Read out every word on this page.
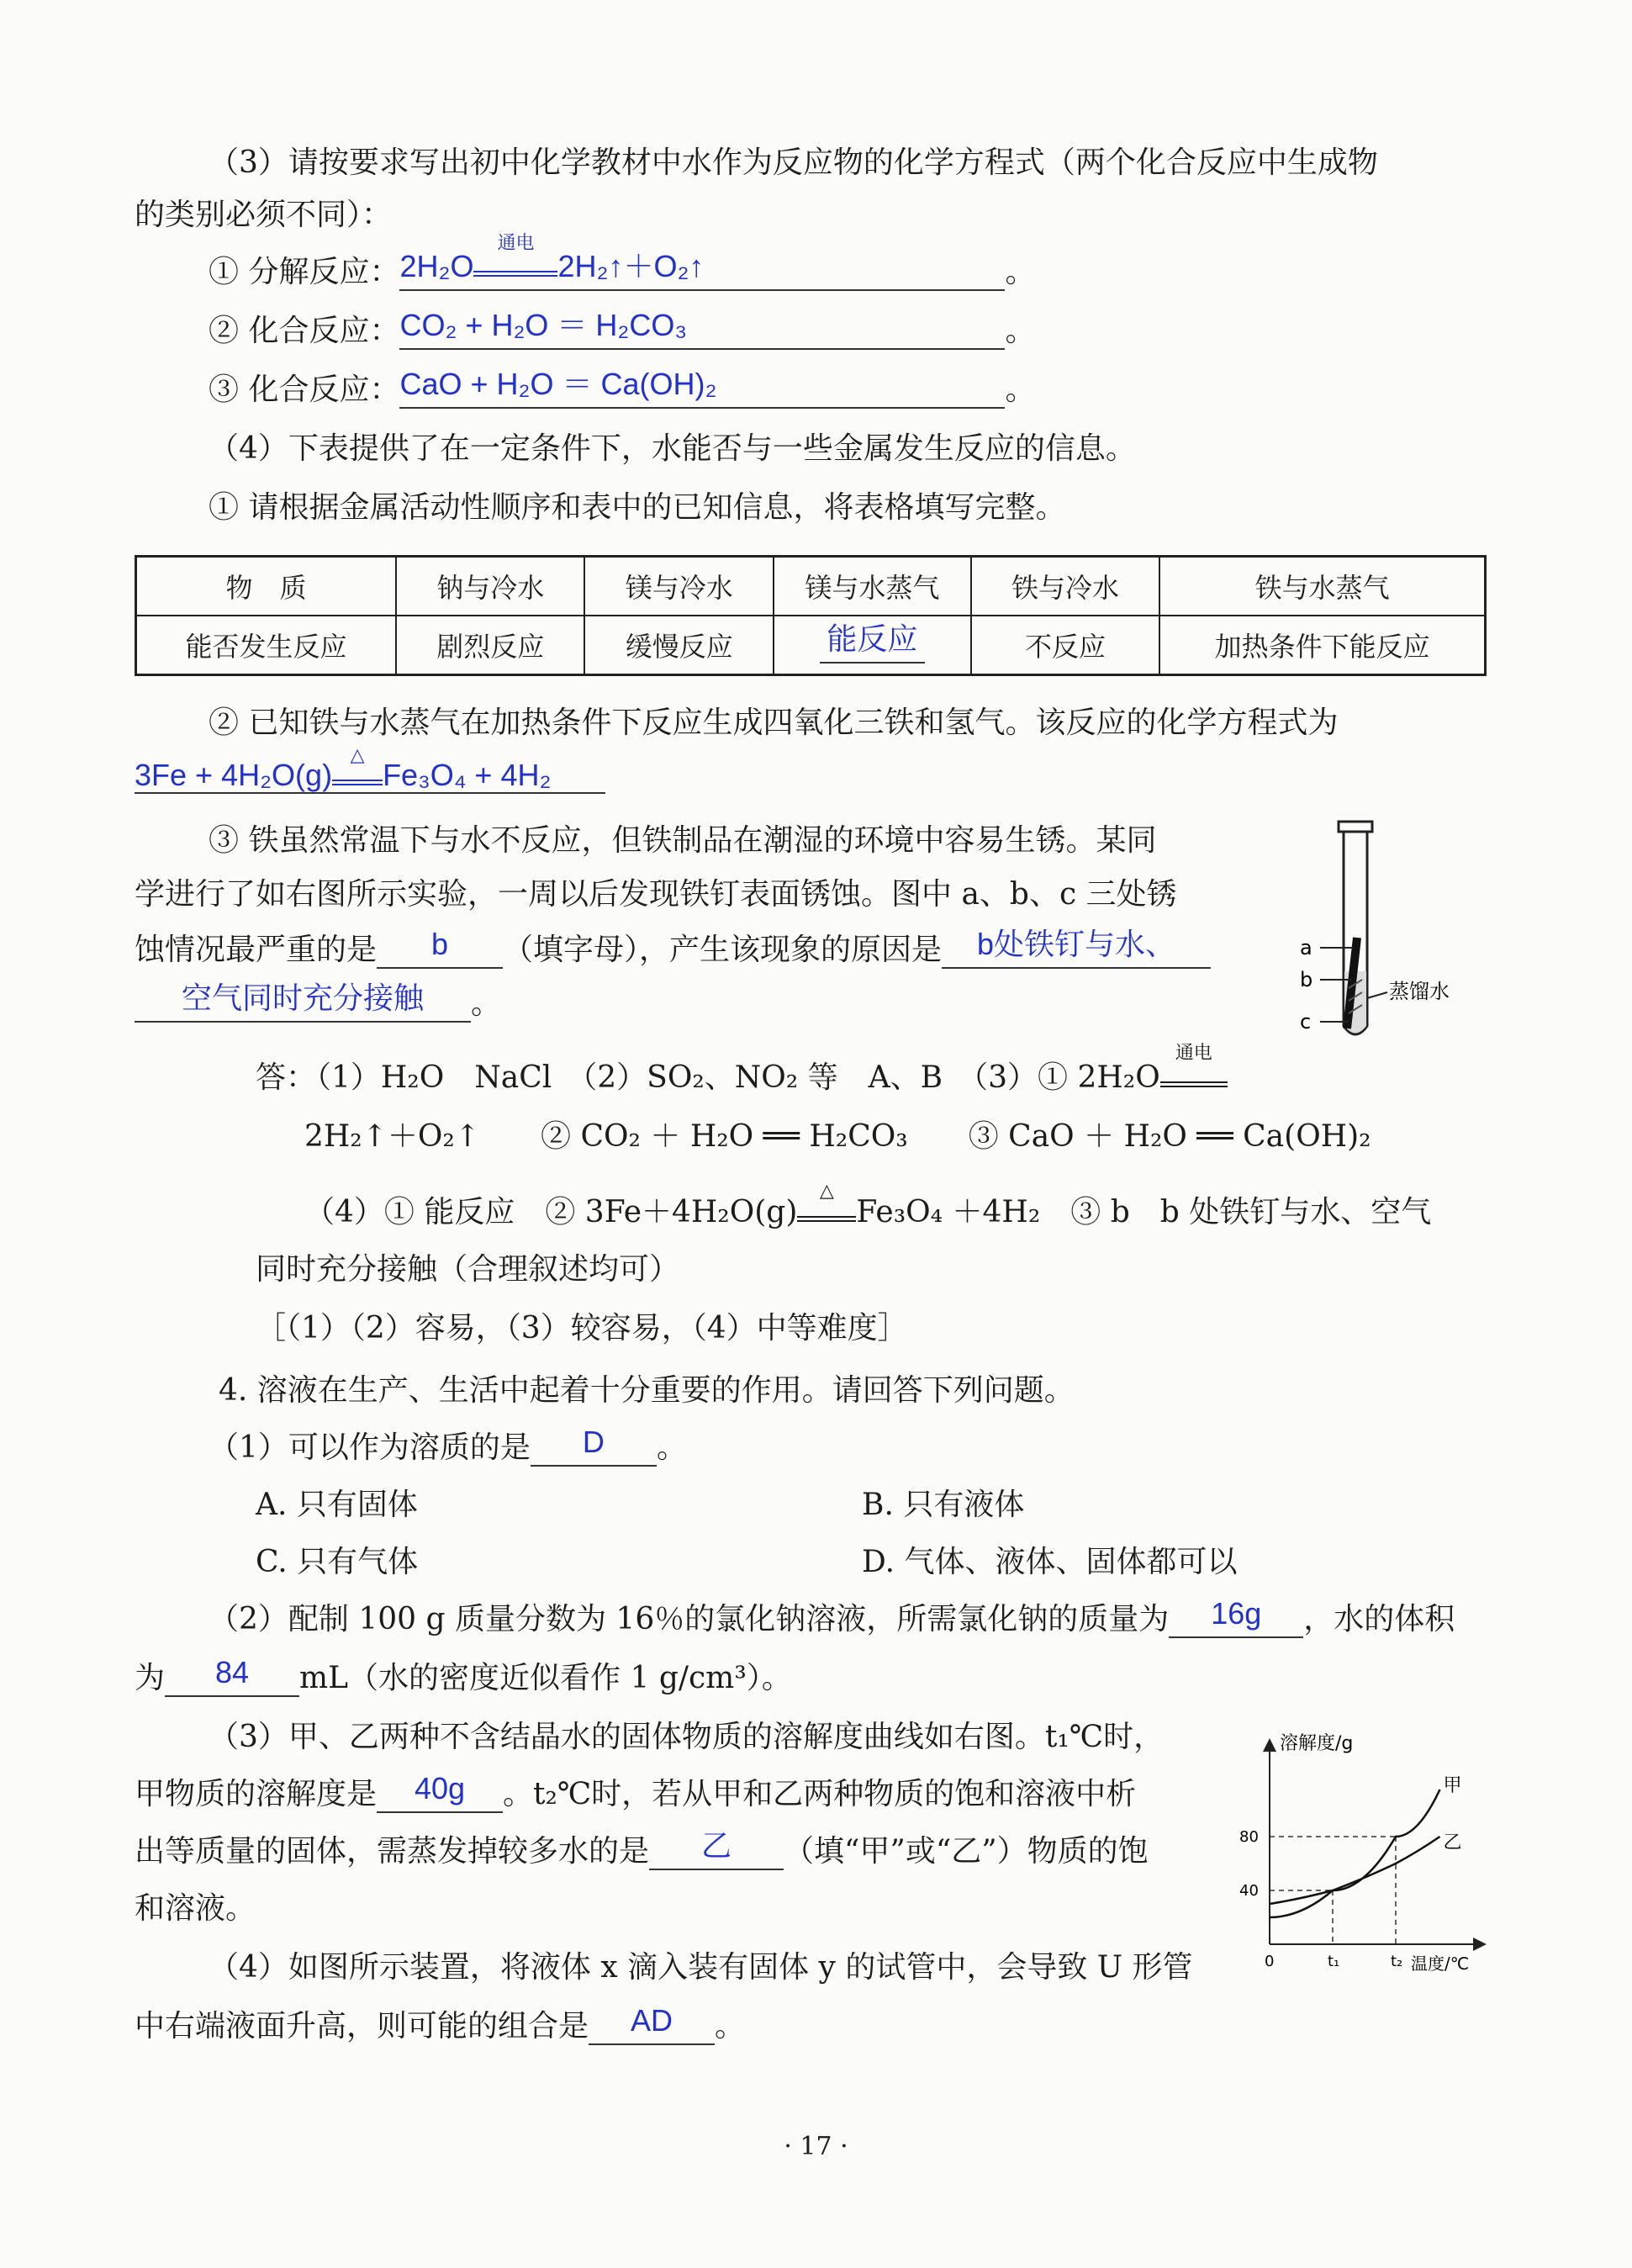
（3）请按要求写出初中化学教材中水作为反应物的化学方程式（两个化合反应中生成物
的类别必须不同）：
① 分解反应：2H₂O
通电
2H₂↑＋O₂↑	。
② 化合反应：CO₂ + H₂O ＝ H₂CO₃	。
③ 化合反应：CaO + H₂O ＝ Ca(OH)₂	。
（4）下表提供了在一定条件下，水能否与一些金属发生反应的信息。
① 请根据金属活动性顺序和表中的已知信息，将表格填写完整。
物　质	钠与冷水	镁与冷水	镁与水蒸气	铁与冷水	铁与水蒸气
能否发生反应	剧烈反应	缓慢反应	能反应	不反应	加热条件下能反应
② 已知铁与水蒸气在加热条件下反应生成四氧化三铁和氢气。该反应的化学方程式为
3Fe + 4H₂O(g)
△
Fe₃O₄ + 4H₂
③ 铁虽然常温下与水不反应，但铁制品在潮湿的环境中容易生锈。某同
学进行了如右图所示实验，一周以后发现铁钉表面锈蚀。图中 a、b、c 三处锈
蚀情况最严重的是 b （填字母），产生该现象的原因是 b处铁钉与水、
空气同时充分接触 。
a
b
c
蒸馏水
答：（1）H₂O　NaCl　（2）SO₂、NO₂ 等　A、B　（3）① 2H₂O
通电
2H₂↑＋O₂↑　　② CO₂ ＋ H₂O ══ H₂CO₃　　③ CaO ＋ H₂O ══ Ca(OH)₂
（4）① 能反应　② 3Fe＋4H₂O(g)
△
Fe₃O₄ ＋4H₂　③ b　b 处铁钉与水、空气
同时充分接触（合理叙述均可）
［（1）（2）容易，（3）较容易，（4）中等难度］
4. 溶液在生产、生活中起着十分重要的作用。请回答下列问题。
（1）可以作为溶质的是 D 。
A. 只有固体	B. 只有液体
C. 只有气体	D. 气体、液体、固体都可以
（2）配制 100 g 质量分数为 16％的氯化钠溶液，所需氯化钠的质量为 16g ，水的体积
为 84 mL（水的密度近似看作 1 g/cm³）。
（3）甲、乙两种不含结晶水的固体物质的溶解度曲线如右图。t₁℃时，
甲物质的溶解度是 40g 。t₂℃时，若从甲和乙两种物质的饱和溶液中析
出等质量的固体，需蒸发掉较多水的是 乙 （填“甲”或“乙”）物质的饱
和溶液。
（4）如图所示装置，将液体 x 滴入装有固体 y 的试管中，会导致 U 形管
中右端液面升高，则可能的组合是 AD 。
溶解度/g
温度/℃
0	t₁	t₂
40
80
甲
乙
· 17 ·
